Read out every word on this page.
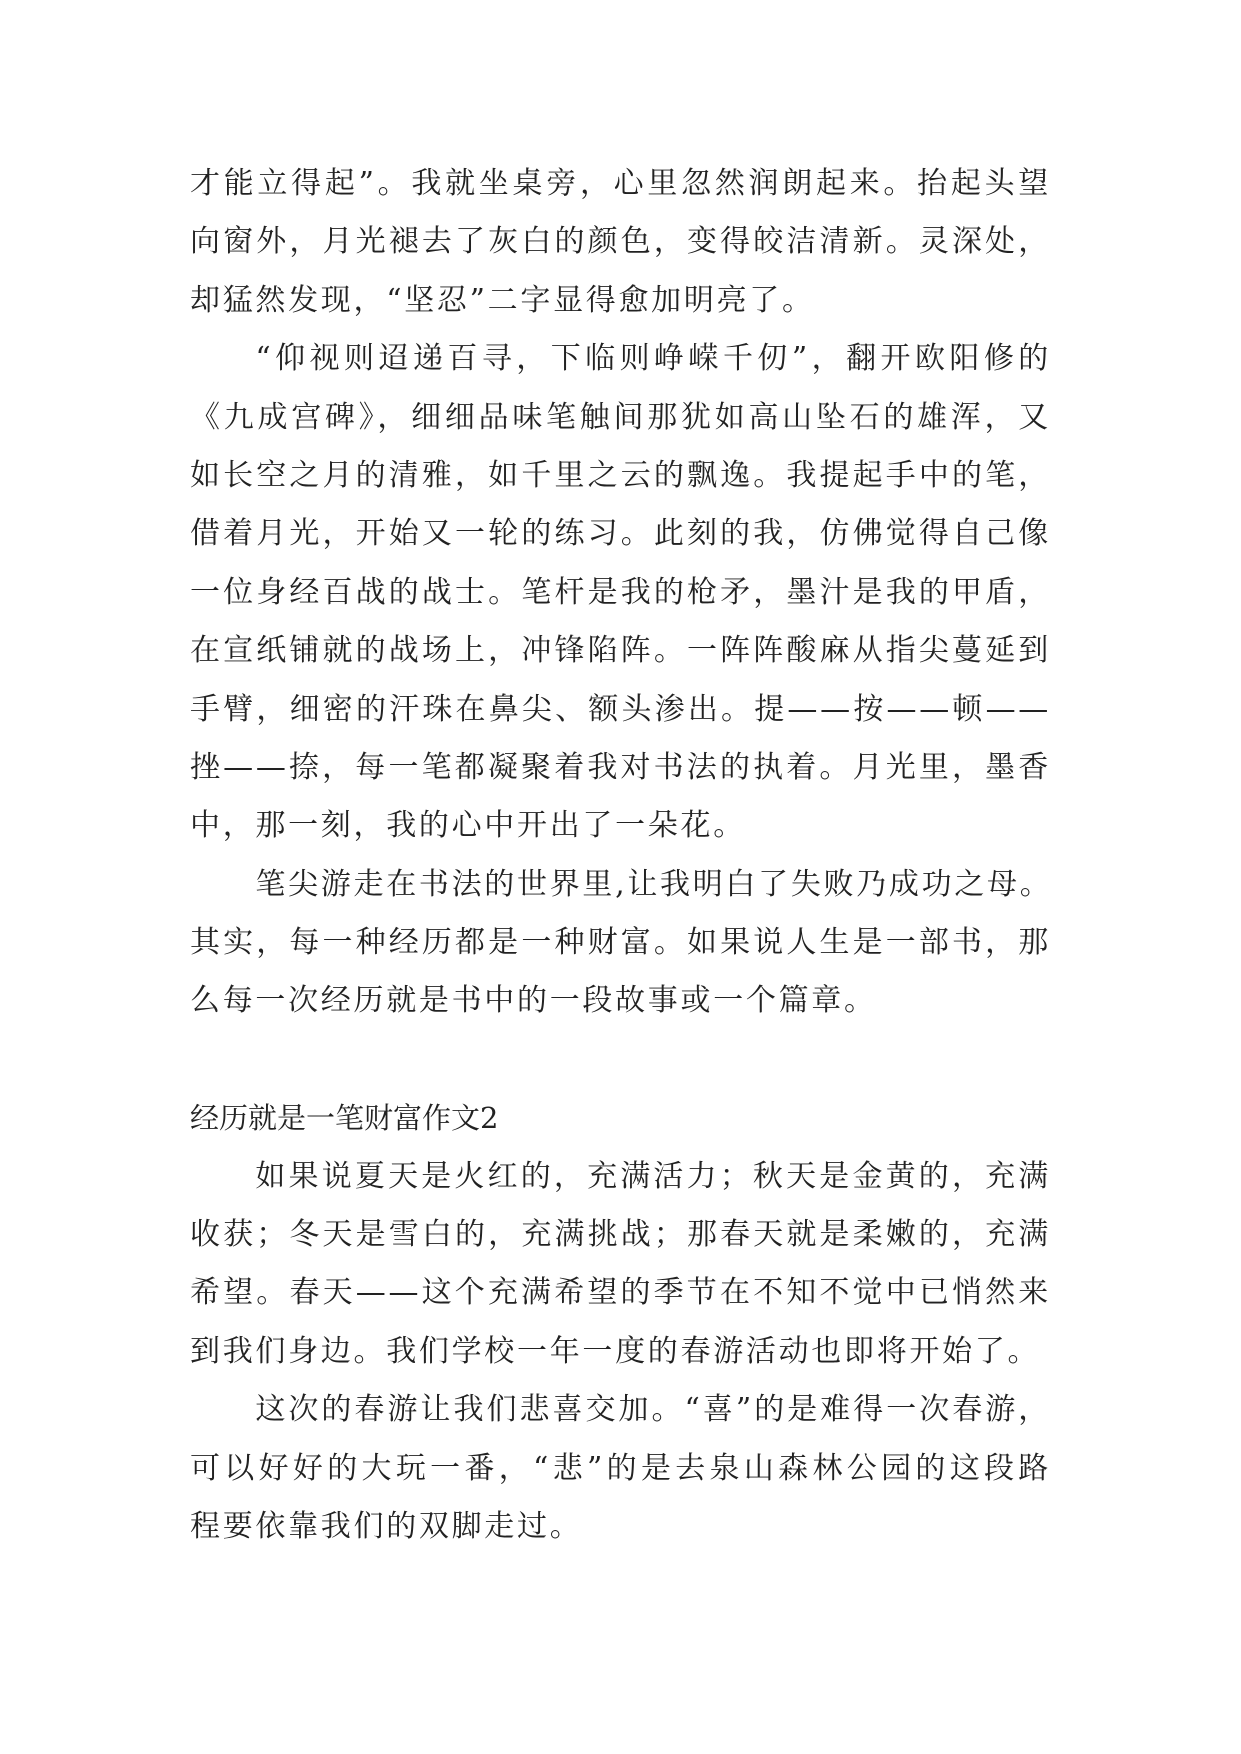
才能立得起”。我就坐桌旁，心里忽然润朗起来。抬起头望
向窗外，月光褪去了灰白的颜色，变得皎洁清新。灵深处，
却猛然发现，“坚忍”二字显得愈加明亮了。
“仰视则迢递百寻，下临则峥嵘千仞”，翻开欧阳修的
《九成宫碑》，细细品味笔触间那犹如高山坠石的雄浑，又
如长空之月的清雅，如千里之云的飘逸。我提起手中的笔，
借着月光，开始又一轮的练习。此刻的我，仿佛觉得自己像
一位身经百战的战士。笔杆是我的枪矛，墨汁是我的甲盾，
在宣纸铺就的战场上，冲锋陷阵。一阵阵酸麻从指尖蔓延到
手臂，细密的汗珠在鼻尖、额头渗出。提——按——顿——
挫——捺，每一笔都凝聚着我对书法的执着。月光里，墨香
中，那一刻，我的心中开出了一朵花。
笔尖游走在书法的世界里,让我明白了失败乃成功之母。
其实，每一种经历都是一种财富。如果说人生是一部书，那
么每一次经历就是书中的一段故事或一个篇章。
经历就是一笔财富作文2
如果说夏天是火红的，充满活力；秋天是金黄的，充满
收获；冬天是雪白的，充满挑战；那春天就是柔嫩的，充满
希望。春天——这个充满希望的季节在不知不觉中已悄然来
到我们身边。我们学校一年一度的春游活动也即将开始了。
这次的春游让我们悲喜交加。“喜”的是难得一次春游，
可以好好的大玩一番，“悲”的是去泉山森林公园的这段路
程要依靠我们的双脚走过。
